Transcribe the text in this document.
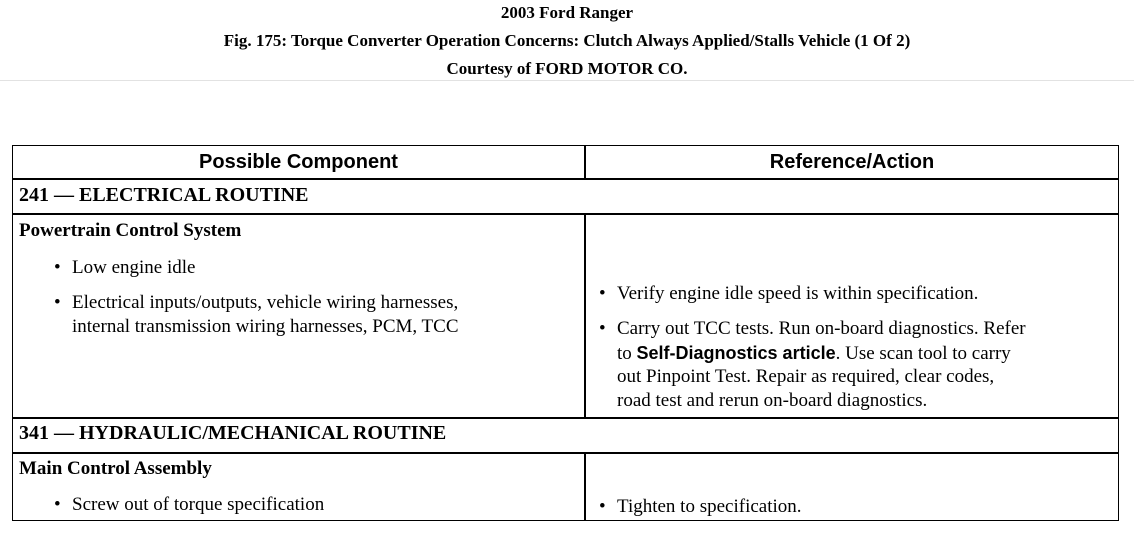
2003 Ford Ranger
Fig. 175: Torque Converter Operation Concerns: Clutch Always Applied/Stalls Vehicle (1 Of 2)
Courtesy of FORD MOTOR CO.
Possible Component	Reference/Action
241 — ELECTRICAL ROUTINE
Powertrain Control System
• Low engine idle
• Electrical inputs/outputs, vehicle wiring harnesses,
internal transmission wiring harnesses, PCM, TCC
• Verify engine idle speed is within specification.
• Carry out TCC tests. Run on-board diagnostics. Refer
to Self-Diagnostics article. Use scan tool to carry
out Pinpoint Test. Repair as required, clear codes,
road test and rerun on-board diagnostics.
341 — HYDRAULIC/MECHANICAL ROUTINE
Main Control Assembly
• Screw out of torque specification	• Tighten to specification.
